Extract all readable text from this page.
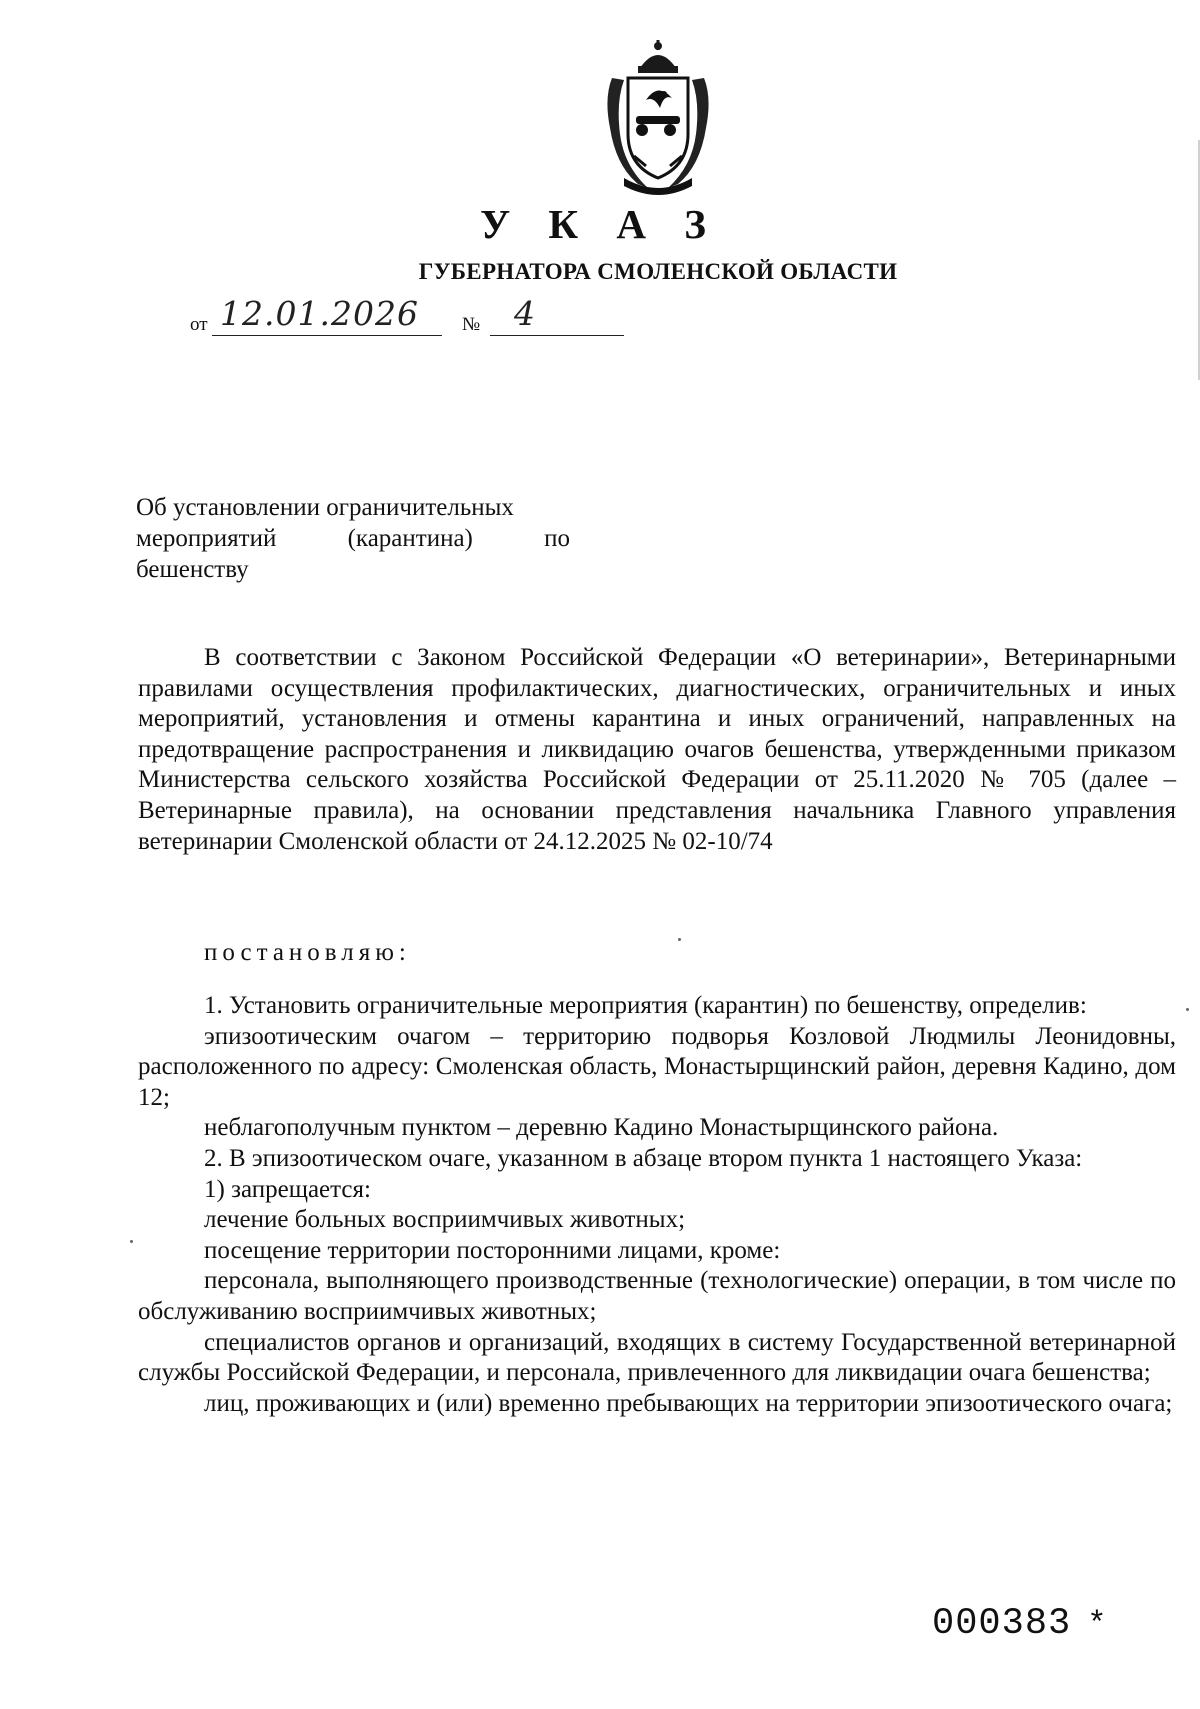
У К А З
ГУБЕРНАТОРА СМОЛЕНСКОЙ ОБЛАСТИ
от 12.01.2026 № 4
Об установлении ограничительных
мероприятий (карантина) по
бешенству

В соответствии с Законом Российской Федерации «О ветеринарии», Ветеринарными правилами осуществления профилактических, диагностических, ограничительных и иных мероприятий, установления и отмены карантина и иных ограничений, направленных на предотвращение распространения и ликвидацию очагов бешенства, утвержденными приказом Министерства сельского хозяйства Российской Федерации от 25.11.2020 № 705 (далее – Ветеринарные правила), на основании представления начальника Главного управления ветеринарии Смоленской области от 24.12.2025 № 02-10/74

постановляю:

1. Установить ограничительные мероприятия (карантин) по бешенству, определив:

эпизоотическим очагом – территорию подворья Козловой Людмилы Леонидовны, расположенного по адресу: Смоленская область, Монастырщинский район, деревня Кадино, дом 12;

неблагополучным пунктом – деревню Кадино Монастырщинского района.

2. В эпизоотическом очаге, указанном в абзаце втором пункта 1 настоящего Указа:

1) запрещается:

лечение больных восприимчивых животных;

посещение территории посторонними лицами, кроме:

персонала, выполняющего производственные (технологические) операции, в том числе по обслуживанию восприимчивых животных;

специалистов органов и организаций, входящих в систему Государственной ветеринарной службы Российской Федерации, и персонала, привлеченного для ликвидации очага бешенства;

лиц, проживающих и (или) временно пребывающих на территории эпизоотического очага;

000383 *
